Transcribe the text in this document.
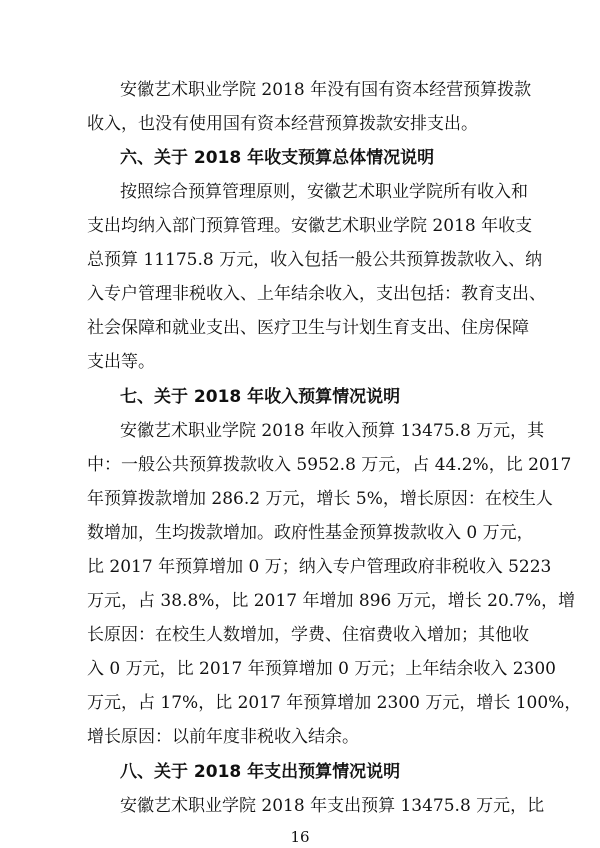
安徽艺术职业学院 2018 年没有国有资本经营预算拨款
收入，也没有使用国有资本经营预算拨款安排支出。
六、关于 2018 年收支预算总体情况说明
按照综合预算管理原则，安徽艺术职业学院所有收入和
支出均纳入部门预算管理。安徽艺术职业学院 2018 年收支
总预算 11175.8 万元，收入包括一般公共预算拨款收入、纳
入专户管理非税收入、上年结余收入，支出包括：教育支出、
社会保障和就业支出、医疗卫生与计划生育支出、住房保障
支出等。
七、关于 2018 年收入预算情况说明
安徽艺术职业学院 2018 年收入预算 13475.8 万元，其
中：一般公共预算拨款收入 5952.8 万元，占 44.2%，比 2017
年预算拨款增加 286.2 万元，增长 5%，增长原因：在校生人
数增加，生均拨款增加。政府性基金预算拨款收入 0 万元，
比 2017 年预算增加 0 万；纳入专户管理政府非税收入 5223
万元，占 38.8%，比 2017 年增加 896 万元，增长 20.7%，增
长原因：在校生人数增加，学费、住宿费收入增加；其他收
入 0 万元，比 2017 年预算增加 0 万元；上年结余收入 2300
万元，占 17%，比 2017 年预算增加 2300 万元，增长 100%，
增长原因：以前年度非税收入结余。
八、关于 2018 年支出预算情况说明
安徽艺术职业学院 2018 年支出预算 13475.8 万元，比
16
